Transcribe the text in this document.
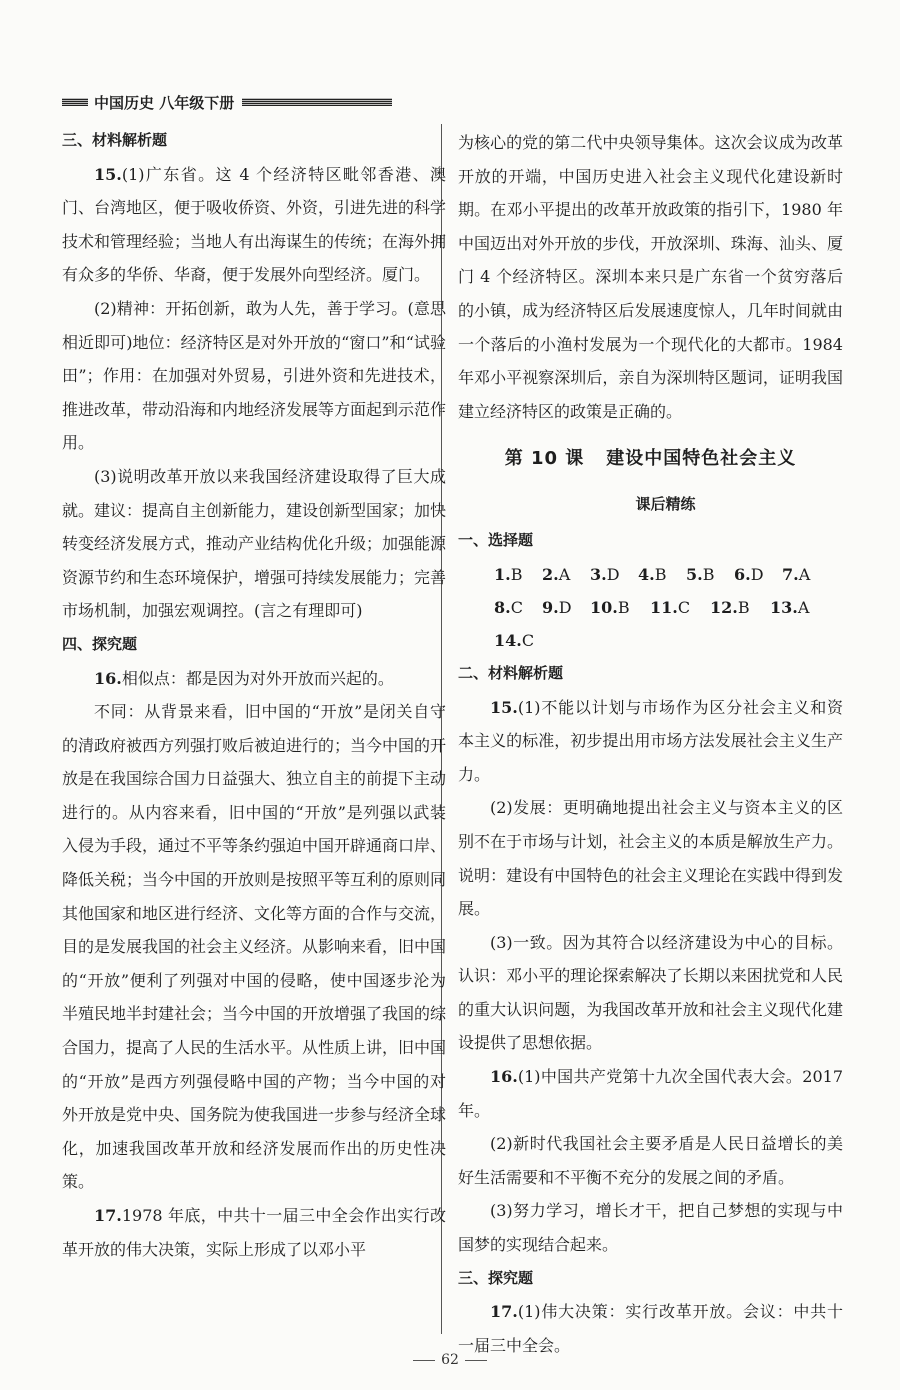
中国历史 八年级下册

三、材料解析题

15.(1)广东省。这 4 个经济特区毗邻香港、澳门、台湾地区，便于吸收侨资、外资，引进先进的科学技术和管理经验；当地人有出海谋生的传统；在海外拥有众多的华侨、华裔，便于发展外向型经济。厦门。

(2)精神：开拓创新，敢为人先，善于学习。(意思相近即可)地位：经济特区是对外开放的“窗口”和“试验田”；作用：在加强对外贸易，引进外资和先进技术，推进改革，带动沿海和内地经济发展等方面起到示范作用。

(3)说明改革开放以来我国经济建设取得了巨大成就。建议：提高自主创新能力，建设创新型国家；加快转变经济发展方式，推动产业结构优化升级；加强能源资源节约和生态环境保护，增强可持续发展能力；完善市场机制，加强宏观调控。(言之有理即可)

四、探究题

16.相似点：都是因为对外开放而兴起的。

不同：从背景来看，旧中国的“开放”是闭关自守的清政府被西方列强打败后被迫进行的；当今中国的开放是在我国综合国力日益强大、独立自主的前提下主动进行的。从内容来看，旧中国的“开放”是列强以武装入侵为手段，通过不平等条约强迫中国开辟通商口岸、降低关税；当今中国的开放则是按照平等互利的原则同其他国家和地区进行经济、文化等方面的合作与交流，目的是发展我国的社会主义经济。从影响来看，旧中国的“开放”便利了列强对中国的侵略，使中国逐步沦为半殖民地半封建社会；当今中国的开放增强了我国的综合国力，提高了人民的生活水平。从性质上讲，旧中国的“开放”是西方列强侵略中国的产物；当今中国的对外开放是党中央、国务院为使我国进一步参与经济全球化，加速我国改革开放和经济发展而作出的历史性决策。

17.1978 年底，中共十一届三中全会作出实行改革开放的伟大决策，实际上形成了以邓小平

为核心的党的第二代中央领导集体。这次会议成为改革开放的开端，中国历史进入社会主义现代化建设新时期。在邓小平提出的改革开放政策的指引下，1980 年中国迈出对外开放的步伐，开放深圳、珠海、汕头、厦门 4 个经济特区。深圳本来只是广东省一个贫穷落后的小镇，成为经济特区后发展速度惊人，几年时间就由一个落后的小渔村发展为一个现代化的大都市。1984 年邓小平视察深圳后，亲自为深圳特区题词，证明我国建立经济特区的政策是正确的。

第 10 课 建设中国特色社会主义

课后精练

一、选择题

1.B	2.A	3.D	4.B	5.B	6.D	7.A
8.C	9.D	10.B	11.C	12.B	13.A
14.C

二、材料解析题

15.(1)不能以计划与市场作为区分社会主义和资本主义的标准，初步提出用市场方法发展社会主义生产力。

(2)发展：更明确地提出社会主义与资本主义的区别不在于市场与计划，社会主义的本质是解放生产力。说明：建设有中国特色的社会主义理论在实践中得到发展。

(3)一致。因为其符合以经济建设为中心的目标。认识：邓小平的理论探索解决了长期以来困扰党和人民的重大认识问题，为我国改革开放和社会主义现代化建设提供了思想依据。

16.(1)中国共产党第十九次全国代表大会。2017 年。

(2)新时代我国社会主要矛盾是人民日益增长的美好生活需要和不平衡不充分的发展之间的矛盾。

(3)努力学习，增长才干，把自己梦想的实现与中国梦的实现结合起来。

三、探究题

17.(1)伟大决策：实行改革开放。会议：中共十一届三中全会。

62
